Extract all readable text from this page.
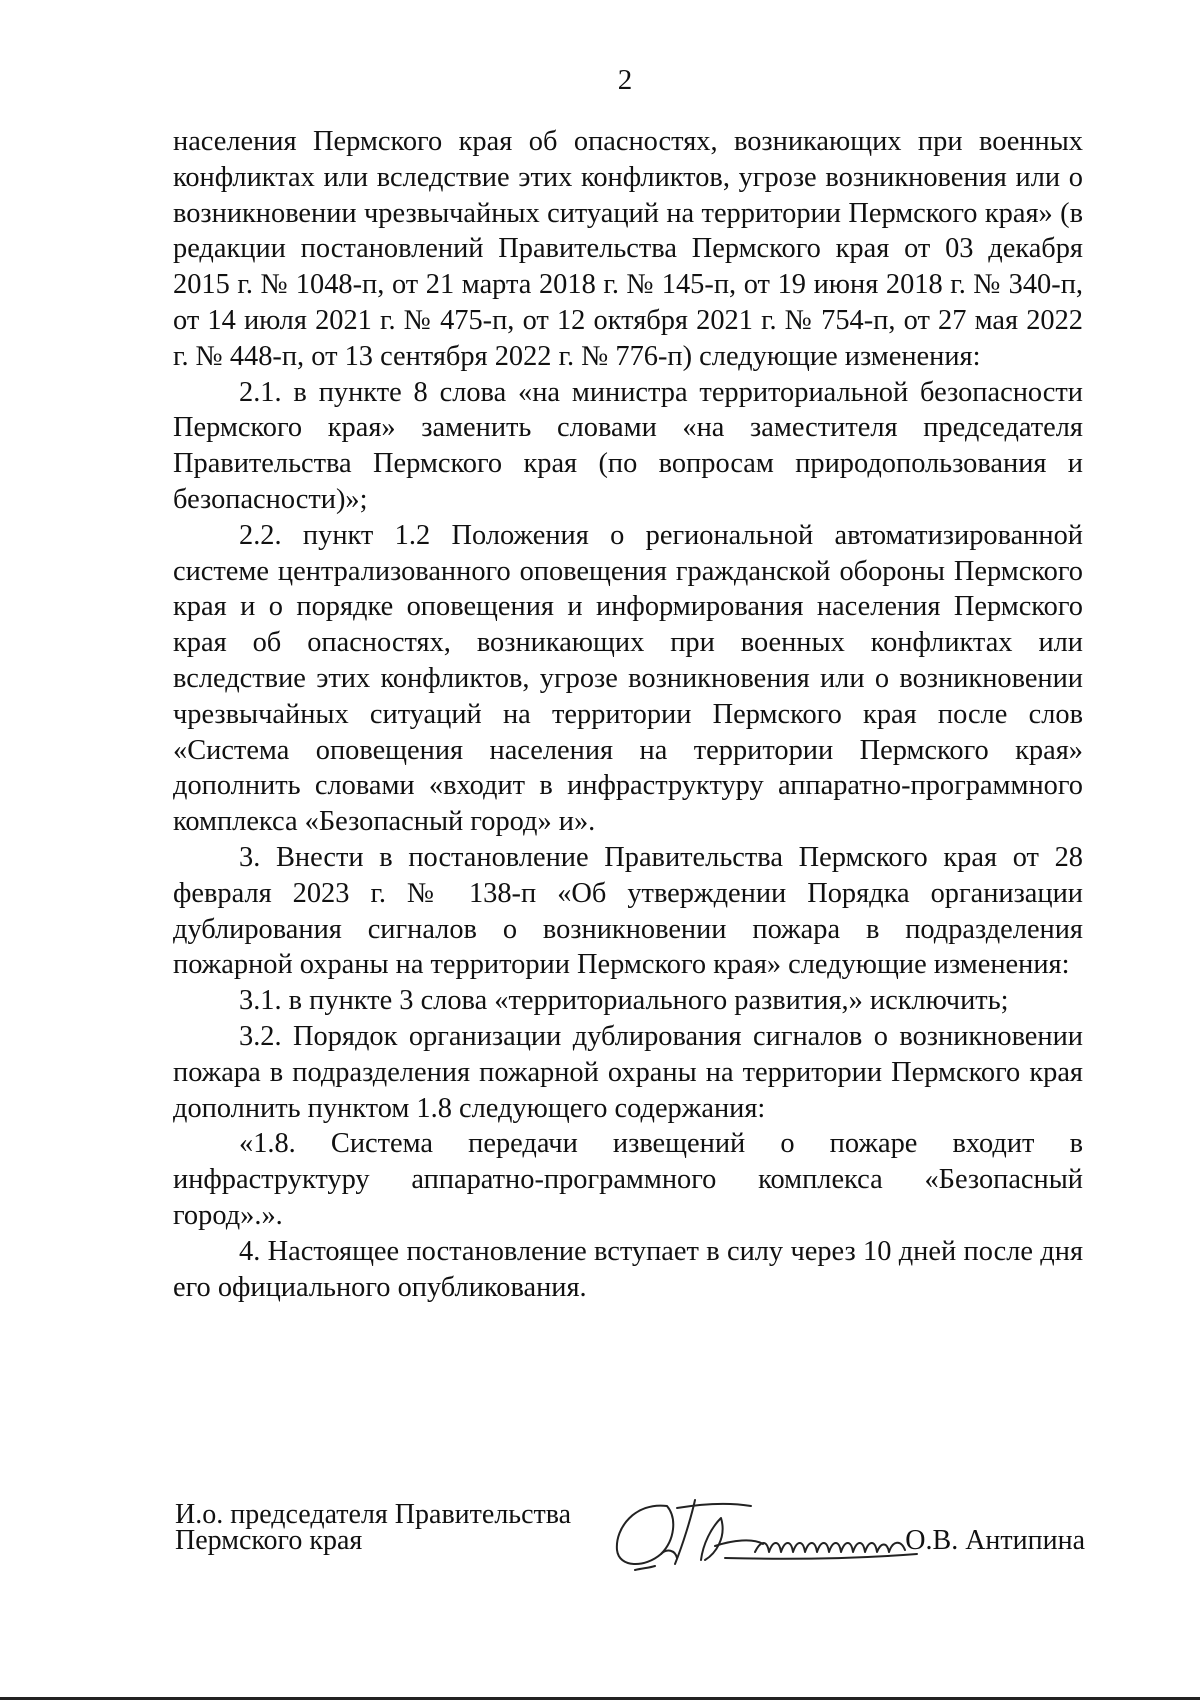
2

населения Пермского края об опасностях, возникающих при военных конфликтах или вследствие этих конфликтов, угрозе возникновения или о возникновении чрезвычайных ситуаций на территории Пермского края» (в редакции постановлений Правительства Пермского края от 03 декабря 2015 г. № 1048-п, от 21 марта 2018 г. № 145-п, от 19 июня 2018 г. № 340-п, от 14 июля 2021 г. № 475-п, от 12 октября 2021 г. № 754-п, от 27 мая 2022 г. № 448-п, от 13 сентября 2022 г. № 776-п) следующие изменения:

2.1. в пункте 8 слова «на министра территориальной безопасности Пермского края» заменить словами «на заместителя председателя Правительства Пермского края (по вопросам природопользования и безопасности)»;

2.2. пункт 1.2 Положения о региональной автоматизированной системе централизованного оповещения гражданской обороны Пермского края и о порядке оповещения и информирования населения Пермского края об опасностях, возникающих при военных конфликтах или вследствие этих конфликтов, угрозе возникновения или о возникновении чрезвычайных ситуаций на территории Пермского края после слов «Система оповещения населения на территории Пермского края» дополнить словами «входит в инфраструктуру аппаратно-программного комплекса «Безопасный город» и».

3. Внести в постановление Правительства Пермского края от 28 февраля 2023 г. № 138-п «Об утверждении Порядка организации дублирования сигналов о возникновении пожара в подразделения пожарной охраны на территории Пермского края» следующие изменения:

3.1. в пункте 3 слова «территориального развития,» исключить;

3.2. Порядок организации дублирования сигналов о возникновении пожара в подразделения пожарной охраны на территории Пермского края дополнить пунктом 1.8 следующего содержания:

«1.8. Система передачи извещений о пожаре входит в инфраструктуру аппаратно-программного комплекса «Безопасный город».».

4. Настоящее постановление вступает в силу через 10 дней после дня его официального опубликования.

И.о. председателя Правительства
Пермского края	О.В. Антипина
